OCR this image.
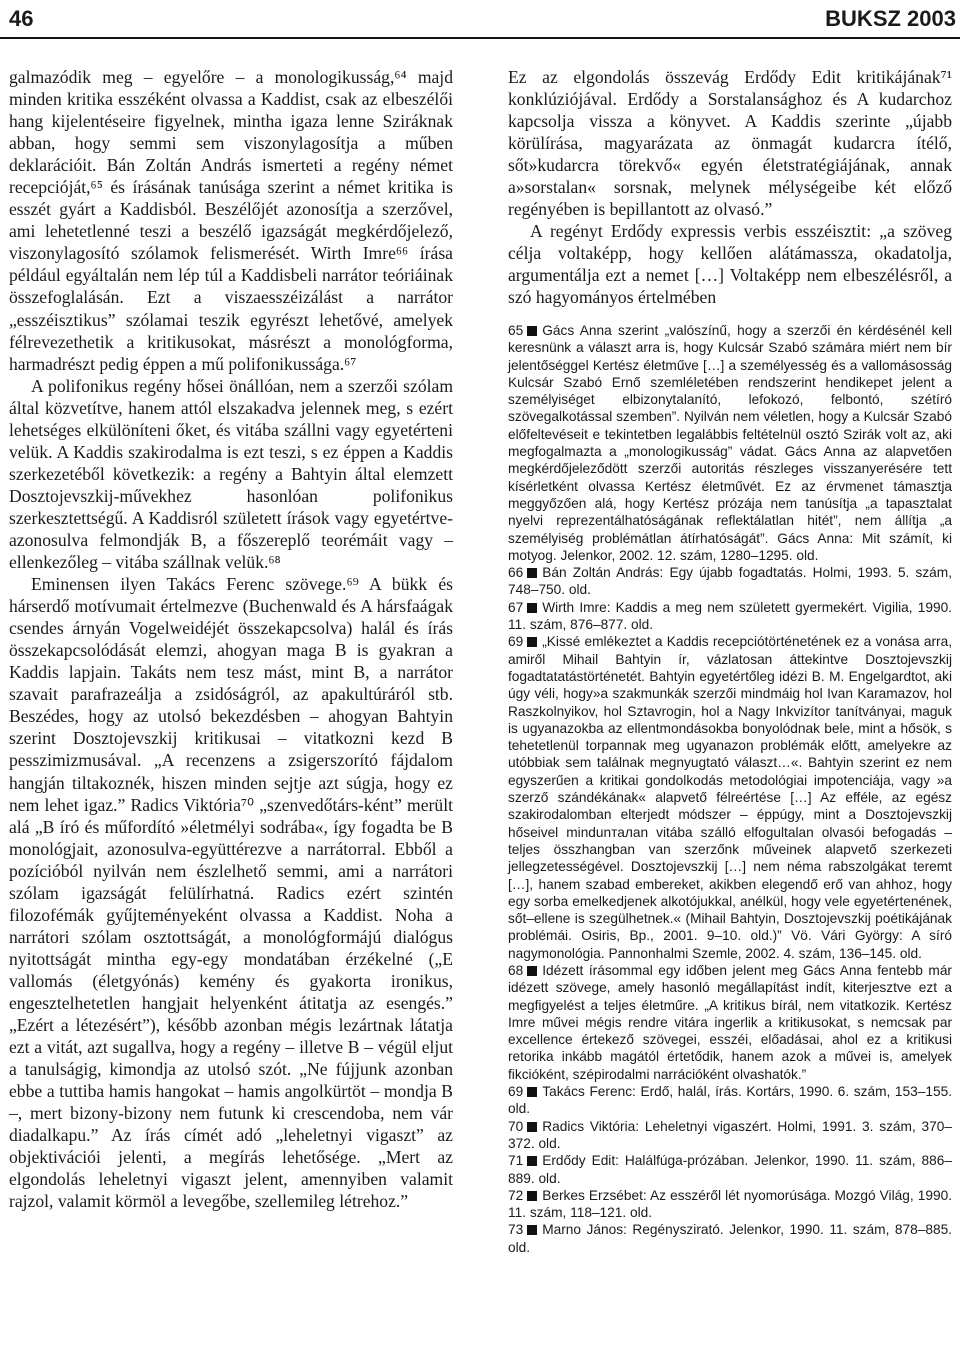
46	BUKSZ 2003

galmazódik meg – egyelőre – a monologikusság,⁶⁴ majd minden kritika esszéként olvassa a Kaddist, csak az elbeszélői hang kijelentéseire figyelnek, mintha igaza lenne Sziráknak abban, hogy semmi sem viszonylagosítja a műben deklarációit. Bán Zoltán András ismerteti a regény német recepcióját,⁶⁵ és írásának tanúsága szerint a német kritika is esszét gyárt a Kaddisból. Beszélőjét azonosítja a szerzővel, ami lehetetlenné teszi a beszélő igazságát megkérdőjelező, viszonylagosító szólamok felismerését. Wirth Imre⁶⁶ írása például egyáltalán nem lép túl a Kaddisbeli narrátor teóriáinak összefoglalásán. Ezt a viszaesszéizálást a narrátor „esszéisztikus” szólamai teszik egyrészt lehetővé, amelyek félrevezethetik a kritikusokat, másrészt a monológforma, harmadrészt pedig éppen a mű polifonikussága.⁶⁷

A polifonikus regény hősei önállóan, nem a szerzői szólam által közvetítve, hanem attól elszakadva jelennek meg, s ezért lehetséges elkülöníteni őket, és vitába szállni vagy egyetérteni velük. A Kaddis szakirodalma is ezt teszi, s ez éppen a Kaddis szerkezetéből következik: a regény a Bahtyin által elemzett Dosztojevszkij-művekhez hasonlóan polifonikus szerkesztettségű. A Kaddisról született írások vagy egyetértve-azonosulva felmondják B, a főszereplő teorémáit vagy – ellenkezőleg – vitába szállnak velük.⁶⁸

Eminensen ilyen Takács Ferenc szövege.⁶⁹ A bükk és hárserdő motívumait értelmezve (Buchenwald és A hársfaágak csendes árnyán Vogelweidéjét összekapcsolva) halál és írás összekapcsolódását elemzi, ahogyan maga B is gyakran a Kaddis lapjain. Takáts nem tesz mást, mint B, a narrátor szavait parafrazeálja a zsidóságról, az apakultúráról stb. Beszédes, hogy az utolsó bekezdésben – ahogyan Bahtyin szerint Dosztojevszkij kritikusai – vitatkozni kezd B pesszimizmusával. „A recenzens a zsigerszorító fájdalom hangján tiltakoznék, hiszen minden sejtje azt súgja, hogy ez nem lehet igaz.” Radics Viktória⁷⁰ „szenvedőtárs-ként” merült alá „B író és műfordító »életmélyi sodrába«, így fogadta be B monológjait, azonosulva-együttérezve a narrátorral. Ebből a pozícióból nyilván nem észlelhető semmi, ami a narrátori szólam igazságát felülírhatná. Radics ezért szintén filozofémák gyűjteményeként olvassa a Kaddist. Noha a narrátori szólam osztottságát, a monológformájú dialógus nyitottságát mintha egy-egy mondatában érzékelné („E vallomás (életgyónás) kemény és gyakorta ironikus, engesztelhetetlen hangjait helyenként átitatja az esengés.” „Ezért a létezésért”), később azonban mégis lezártnak látatja ezt a vitát, azt sugallva, hogy a regény – illetve B – végül eljut a tanulságig, kimondja az utolsó szót. „Ne fújjunk azonban ebbe a tuttiba hamis hangokat – hamis angolkürtöt – mondja B –, mert bizony-bizony nem futunk ki crescendoba, nem vár diadalkapu.” Az írás címét adó „leheletnyi vigaszt” az objektivációi jelenti, a megírás lehetősége. „Mert az elgondolás leheletnyi vigaszt jelent, amennyiben valamit rajzol, valamit körmöl a levegőbe, szellemileg létrehoz.”

Ez az elgondolás összevág Erdődy Edit kritikájának⁷¹ konklúziójával. Erdődy a Sorstalansághoz és A kudarchoz kapcsolja vissza a könyvet. A Kaddis szerinte „újabb körülírása, magyarázata az önmagát kudarcra ítélő, sőt»kudarcra törekvő« egyén életstratégiájának, annak a»sorstalan« sorsnak, melynek mélységeibe két előző regényében is bepillantott az olvasó.”

A regényt Erdődy expressis verbis esszéisztit: „a szöveg célja voltaképp, hogy kellően alátámassza, okadatolja, argumentálja ezt a nemet […] Voltaképp nem elbeszélésről, a szó hagyományos értelmében

65 Gács Anna szerint „valószínű, hogy a szerzői én kérdésénél kell keresnünk a választ arra is, hogy Kulcsár Szabó számára miért nem bír jelentőséggel Kertész életműve […] a személyesség és a vallomásosság Kulcsár Szabó Ernő szemléletében rendszerint hendikepet jelent a személyiséget elbizonytalanító, lefokozó, felbontó, szétíró szövegalkotással szemben”. Nyilván nem véletlen, hogy a Kulcsár Szabó előfeltevéseit e tekintetben legalábbis feltételnül osztó Szirák volt az, aki megfogalmazta a „monologikusság” vádat. Gács Anna az alapvetően megkérdőjeleződött szerzői autoritás részleges visszanyerésére tett kísérletként olvassa Kertész életművét. Ez az érvmenet támasztja meggyőzően alá, hogy Kertész prózája nem tanúsítja „a tapasztalat nyelvi reprezentálhatóságának reflektálatlan hitét”, nem állítja „a személyiség problémátlan átírhatóságát”. Gács Anna: Mit számít, ki motyog. Jelenkor, 2002. 12. szám, 1280–1295. old.

66 Bán Zoltán András: Egy újabb fogadtatás. Holmi, 1993. 5. szám, 748–750. old.

67 Wirth Imre: Kaddis a meg nem született gyermekért. Vigilia, 1990. 11. szám, 876–877. old.

69 „Kissé emlékeztet a Kaddis recepciótörténetének ez a vonása arra, amiről Mihail Bahtyin ír, vázlatosan áttekintve Dosztojevszkij fogadtatatástörténetét. Bahtyin egyetértőleg idézi B. M. Engelgardtot, aki úgy véli, hogy»a szakmunkák szerzői mindmáig hol Ivan Karamazov, hol Raszkolnyikov, hol Sztavrogin, hol a Nagy Inkvizítor tanítványai, maguk is ugyanazokba az ellentmondásokba bonyolódnak bele, mint a hősök, s tehetetlenül torpannak meg ugyanazon problémák előtt, amelyekre az utóbbiak sem találnak megnyugtató választ…«. Bahtyin szerint ez nem egyszerűen a kritikai gondolkodás metodológiai impotenciája, vagy »a szerző szándékának« alapvető félreértése […] Az efféle, az egész szakirodalomban elterjedt módszer – éppúgy, mint a Dosztojevszkij hőseivel mindunталan vitába szálló elfogultalan olvasói befogadás – teljes összhangban van szerzőnk műveinek alapvető szerkezeti jellegzetességével. Dosztojevszkij […] nem néma rabszolgákat teremt […], hanem szabad embereket, akikben elegendő erő van ahhoz, hogy egy sorba emelkedjenek alkotójukkal, anélkül, hogy vele egyetértenének, sőt–ellene is szegülhetnek.« (Mihail Bahtyin, Dosztojevszkij poétikájának problémái. Osiris, Bp., 2001. 9–10. old.)” Vö. Vári György: A síró nagymonológia. Pannonhalmi Szemle, 2002. 4. szám, 136–145. old.

68 Idézett írásommal egy időben jelent meg Gács Anna fentebb már idézett szövege, amely hasonló megállapítást indít, kiterjesztve ezt a megfigyelést a teljes életműre. „A kritikus bírál, nem vitatkozik. Kertész Imre művei mégis rendre vitára ingerlik a kritikusokat, s nemcsak par excellence értekező szövegei, esszéi, előadásai, ahol ez a kritikusi retorika inkább magától értetődik, hanem azok a művei is, amelyek fikcióként, szépirodalmi narrációként olvashatók.”

69 Takács Ferenc: Erdő, halál, írás. Kortárs, 1990. 6. szám, 153–155. old.

70 Radics Viktória: Leheletnyi vigaszért. Holmi, 1991. 3. szám, 370–372. old.

71 Erdődy Edit: Halálfúga-prózában. Jelenkor, 1990. 11. szám, 886–889. old.

72 Berkes Erzsébet: Az esszéről lét nyomorúsága. Mozgó Világ, 1990. 11. szám, 118–121. old.

73 Marno János: Regényszirató. Jelenkor, 1990. 11. szám, 878–885. old.
